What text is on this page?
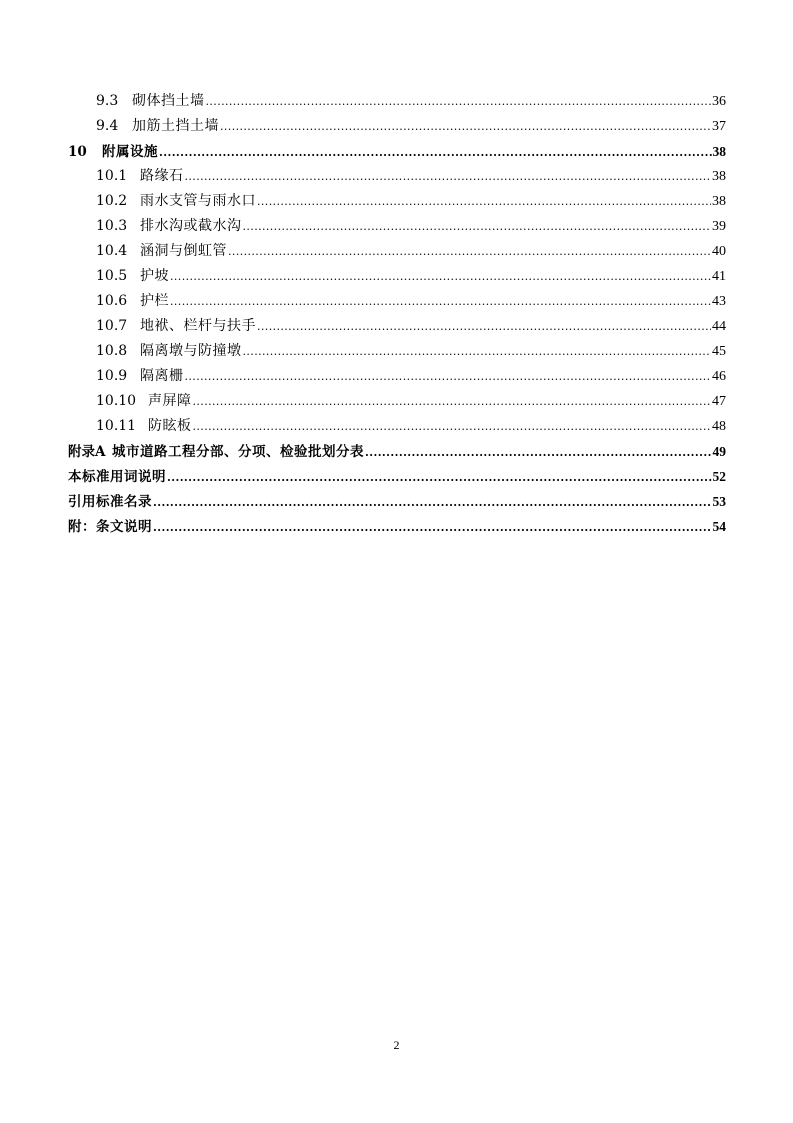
9.3 砌体挡土墙 .....	36
9.4 加筋土挡土墙 .....	37
10	附属设施 .....	38
10.1 路缘石 .....	38
10.2 雨水支管与雨水口 .....	38
10.3 排水沟或截水沟 .....	39
10.4 涵洞与倒虹管 .....	40
10.5 护坡 .....	41
10.6 护栏 .....	43
10.7 地袱、栏杆与扶手 .....	44
10.8 隔离墩与防撞墩 .....	45
10.9 隔离栅 .....	46
10.10 声屏障 .....	47
10.11 防眩板 .....	48
附录A 城市道路工程分部、分项、检验批划分表 .....	49
本标准用词说明 .....	52
引用标准名录 .....	53
附：条文说明 .....	54
2
